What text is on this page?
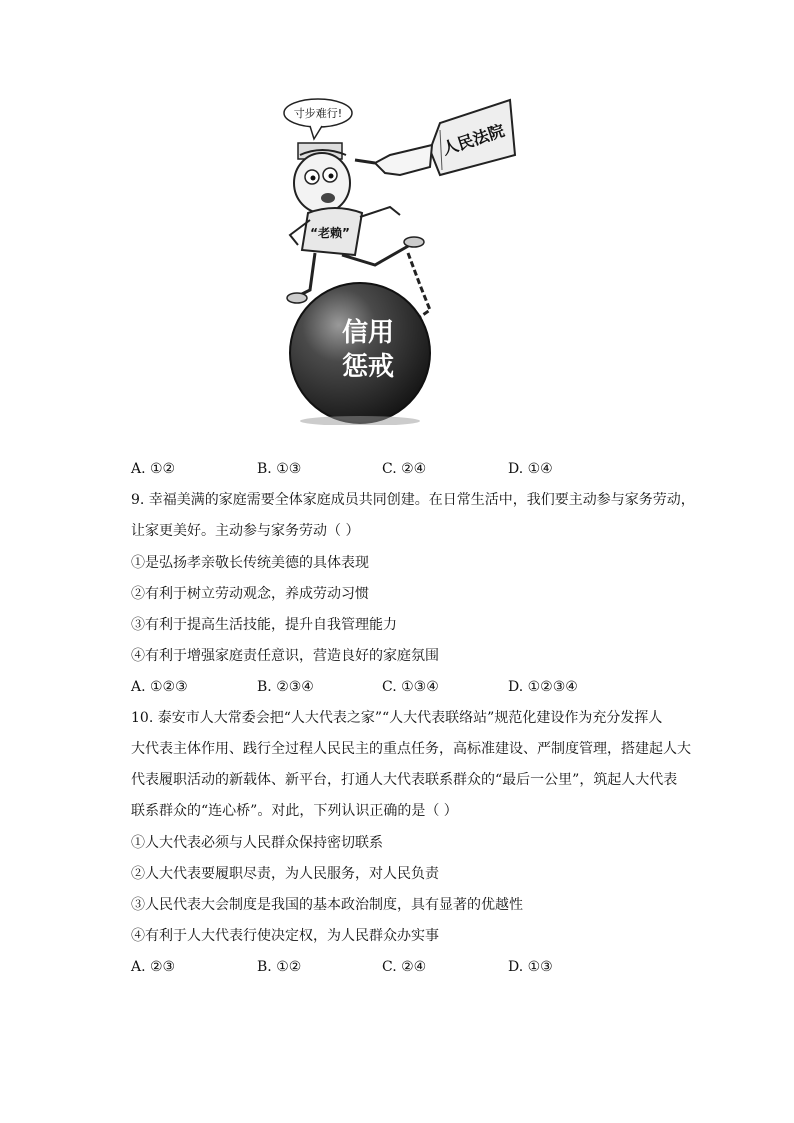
寸步难行!
人民法院
“老赖”
信用
惩戒
A. ①②	B. ①③	C. ②④	D. ①④
9. 幸福美满的家庭需要全体家庭成员共同创建。在日常生活中，我们要主动参与家务劳动，
让家更美好。主动参与家务劳动（ ）
①是弘扬孝亲敬长传统美德的具体表现
②有利于树立劳动观念，养成劳动习惯
③有利于提高生活技能，提升自我管理能力
④有利于增强家庭责任意识，营造良好的家庭氛围
A. ①②③	B. ②③④	C. ①③④	D. ①②③④
10. 泰安市人大常委会把“人大代表之家”“人大代表联络站”规范化建设作为充分发挥人
大代表主体作用、践行全过程人民民主的重点任务，高标准建设、严制度管理，搭建起人大
代表履职活动的新载体、新平台，打通人大代表联系群众的“最后一公里”，筑起人大代表
联系群众的“连心桥”。对此，下列认识正确的是（ ）
①人大代表必须与人民群众保持密切联系
②人大代表要履职尽责，为人民服务，对人民负责
③人民代表大会制度是我国的基本政治制度，具有显著的优越性
④有利于人大代表行使决定权，为人民群众办实事
A. ②③	B. ①②	C. ②④	D. ①③
